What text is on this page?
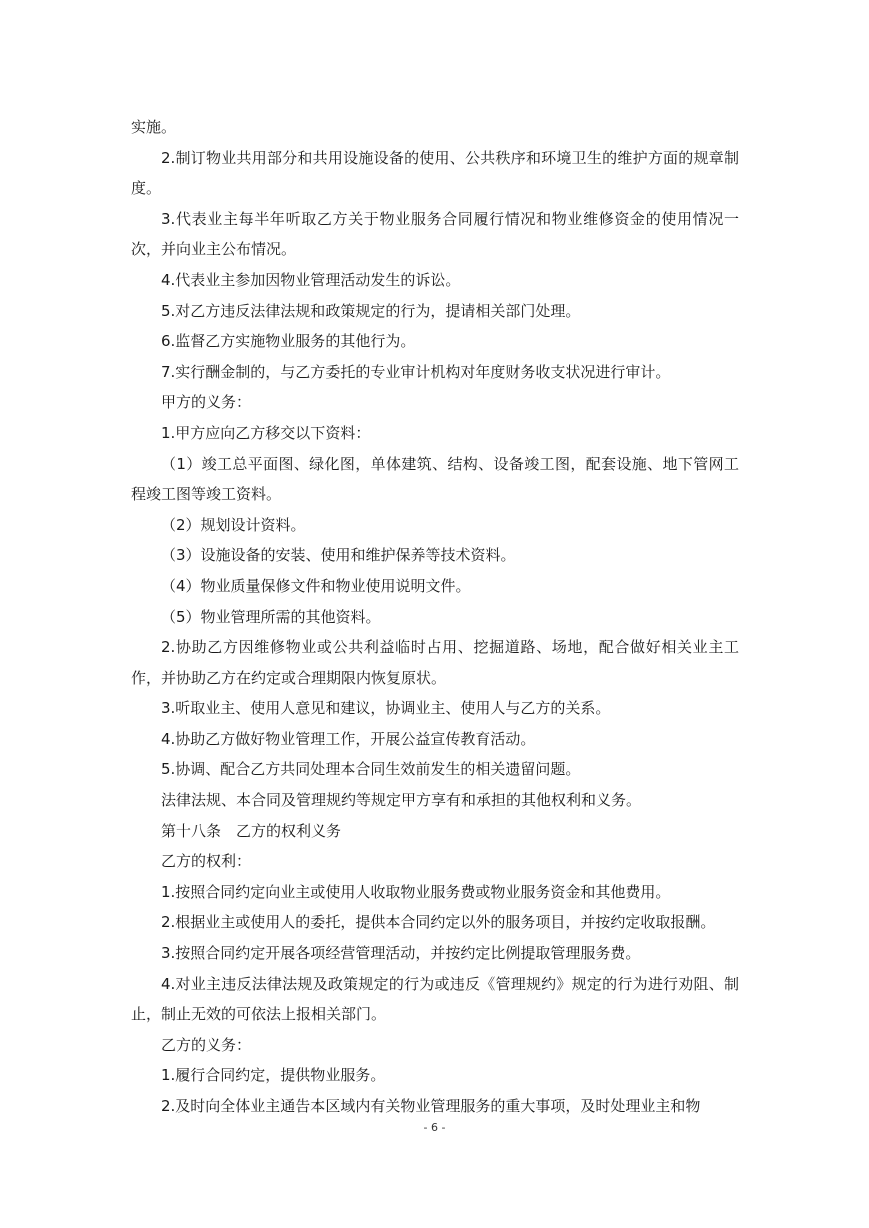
实施。

2.制订物业共用部分和共用设施设备的使用、公共秩序和环境卫生的维护方面的规章制度。

3.代表业主每半年听取乙方关于物业服务合同履行情况和物业维修资金的使用情况一次，并向业主公布情况。

4.代表业主参加因物业管理活动发生的诉讼。

5.对乙方违反法律法规和政策规定的行为，提请相关部门处理。

6.监督乙方实施物业服务的其他行为。

7.实行酬金制的，与乙方委托的专业审计机构对年度财务收支状况进行审计。

甲方的义务：

1.甲方应向乙方移交以下资料：

（1）竣工总平面图、绿化图，单体建筑、结构、设备竣工图，配套设施、地下管网工程竣工图等竣工资料。

（2）规划设计资料。

（3）设施设备的安装、使用和维护保养等技术资料。

（4）物业质量保修文件和物业使用说明文件。

（5）物业管理所需的其他资料。

2.协助乙方因维修物业或公共利益临时占用、挖掘道路、场地，配合做好相关业主工作，并协助乙方在约定或合理期限内恢复原状。

3.听取业主、使用人意见和建议，协调业主、使用人与乙方的关系。

4.协助乙方做好物业管理工作，开展公益宣传教育活动。

5.协调、配合乙方共同处理本合同生效前发生的相关遗留问题。

法律法规、本合同及管理规约等规定甲方享有和承担的其他权利和义务。

第十八条　乙方的权利义务

乙方的权利：

1.按照合同约定向业主或使用人收取物业服务费或物业服务资金和其他费用。

2.根据业主或使用人的委托，提供本合同约定以外的服务项目，并按约定收取报酬。

3.按照合同约定开展各项经营管理活动，并按约定比例提取管理服务费。

4.对业主违反法律法规及政策规定的行为或违反《管理规约》规定的行为进行劝阻、制止，制止无效的可依法上报相关部门。

乙方的义务：

1.履行合同约定，提供物业服务。

2.及时向全体业主通告本区域内有关物业管理服务的重大事项，及时处理业主和物

- 6 -
